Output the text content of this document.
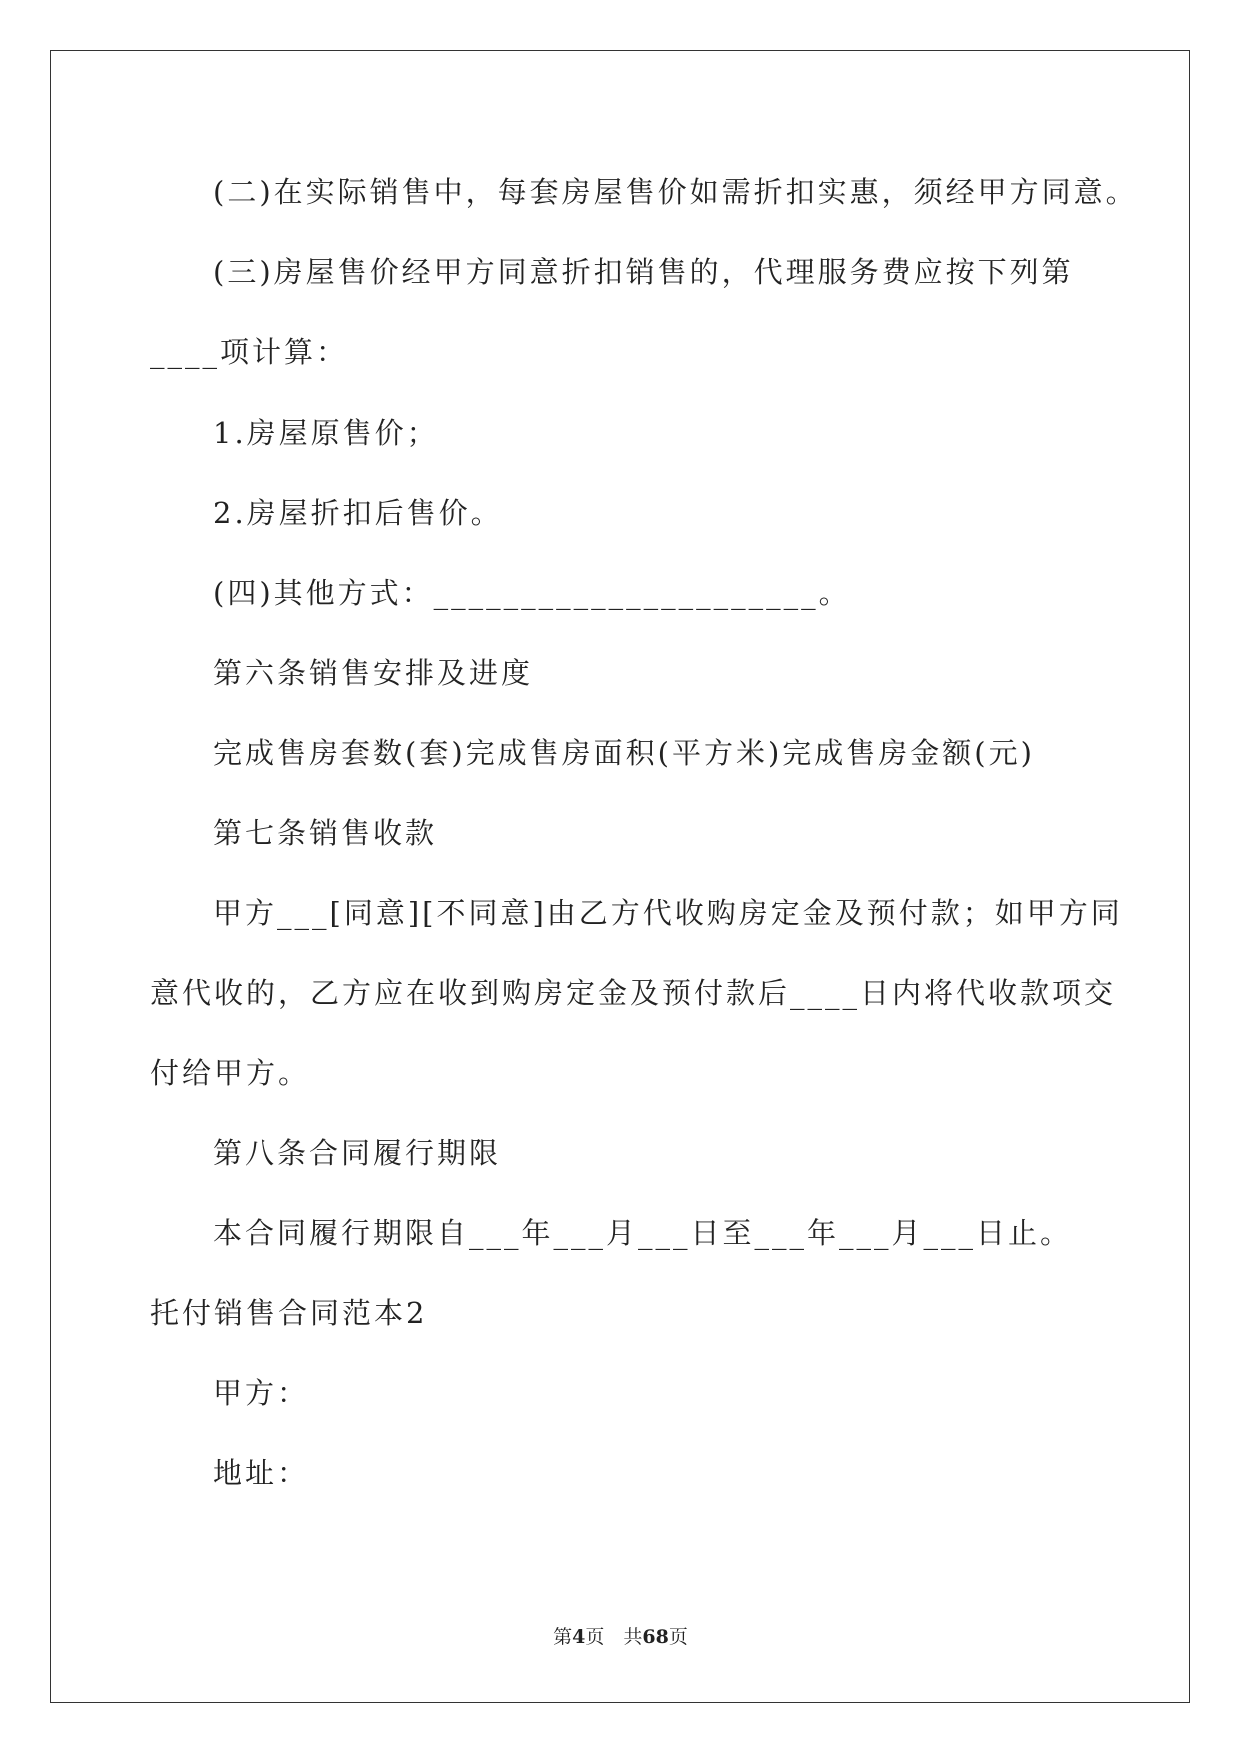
(二)在实际销售中，每套房屋售价如需折扣实惠，须经甲方同意。
(三)房屋售价经甲方同意折扣销售的，代理服务费应按下列第
____项计算：
1.房屋原售价；
2.房屋折扣后售价。
(四)其他方式：______________________。
第六条销售安排及进度
完成售房套数(套)完成售房面积(平方米)完成售房金额(元)
第七条销售收款
甲方___[同意][不同意]由乙方代收购房定金及预付款；如甲方同
意代收的，乙方应在收到购房定金及预付款后____日内将代收款项交
付给甲方。
第八条合同履行期限
本合同履行期限自___年___月___日至___年___月___日止。
托付销售合同范本2
甲方：
地址：
第4页　共68页
